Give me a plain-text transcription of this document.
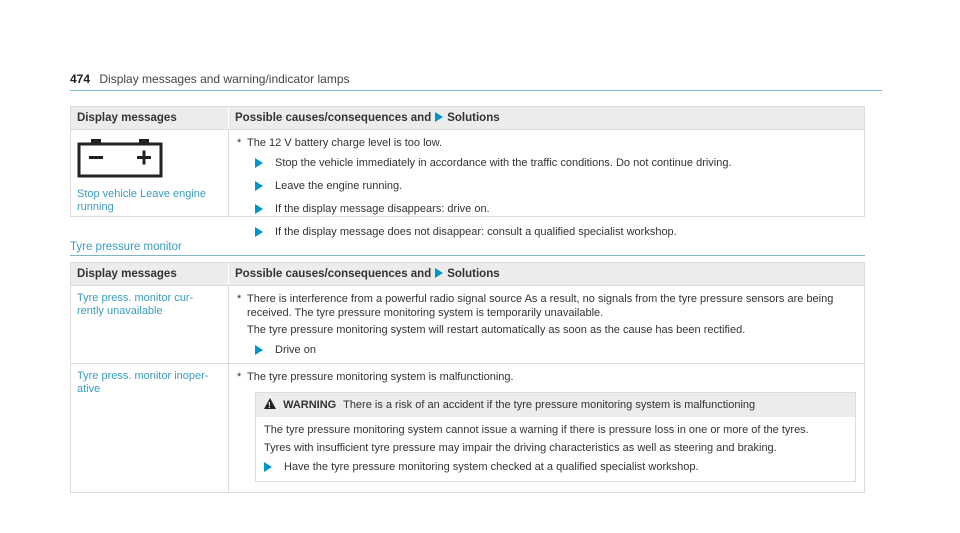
474 Display messages and warning/indicator lamps
Display messages	Possible causes/consequences and Solutions
Stop vehicle Leave engine running
* The 12 V battery charge level is too low.
Stop the vehicle immediately in accordance with the traffic conditions. Do not continue driving.
Leave the engine running.
If the display message disappears: drive on.
If the display message does not disappear: consult a qualified specialist workshop.
Tyre pressure monitor
Display messages	Possible causes/consequences and Solutions
Tyre press. monitor cur- rently unavailable
* There is interference from a powerful radio signal source As a result, no signals from the tyre pressure sensors are being received. The tyre pressure monitoring system is temporarily unavailable.
The tyre pressure monitoring system will restart automatically as soon as the cause has been rectified.
Drive on
Tyre press. monitor inoper- ative
* The tyre pressure monitoring system is malfunctioning.
! WARNING There is a risk of an accident if the tyre pressure monitoring system is malfunctioning

The tyre pressure monitoring system cannot issue a warning if there is pressure loss in one or more of the tyres.

Tyres with insufficient tyre pressure may impair the driving characteristics as well as steering and braking.

Have the tyre pressure monitoring system checked at a qualified specialist workshop.
